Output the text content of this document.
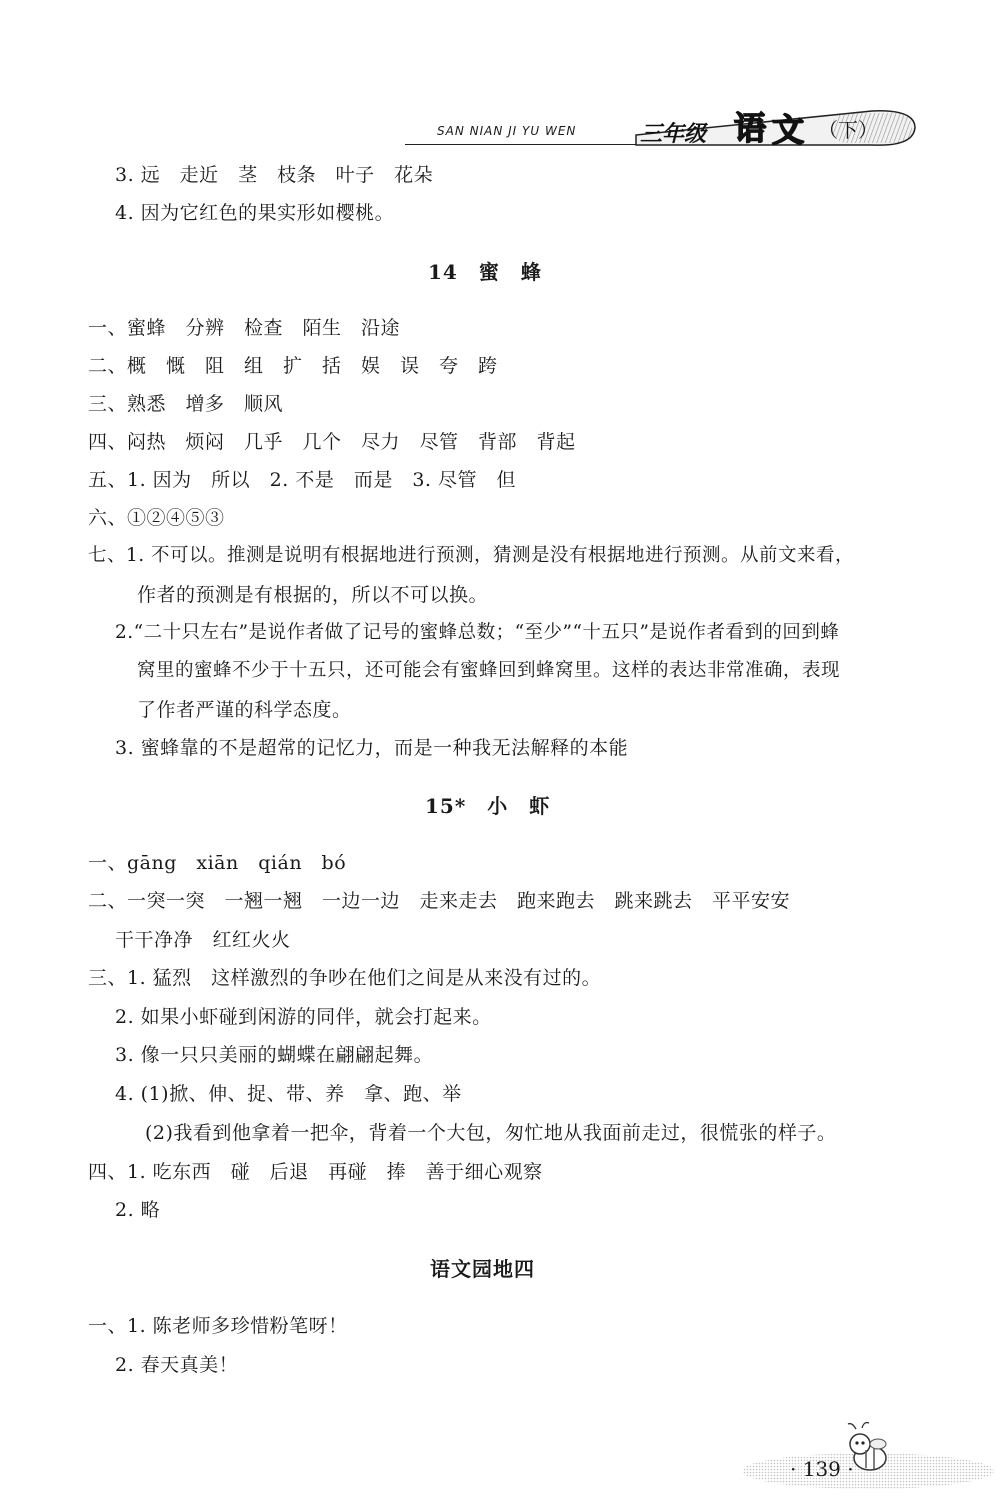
SAN NIAN JI YU WEN	三年级 语 文 （下）
3. 远　走近　茎　枝条　叶子　花朵
4. 因为它红色的果实形如樱桃。
14　蜜　蜂
一、蜜蜂　分辨　检查　陌生　沿途
二、概　慨　阻　组　扩　括　娱　误　夸　跨
三、熟悉　增多　顺风
四、闷热　烦闷　几乎　几个　尽力　尽管　背部　背起
五、1. 因为　所以　2. 不是　而是　3. 尽管　但
六、①②④⑤③
七、1. 不可以。推测是说明有根据地进行预测，猜测是没有根据地进行预测。从前文来看，
作者的预测是有根据的，所以不可以换。
2.“二十只左右”是说作者做了记号的蜜蜂总数；“至少”“十五只”是说作者看到的回到蜂
窝里的蜜蜂不少于十五只，还可能会有蜜蜂回到蜂窝里。这样的表达非常准确，表现
了作者严谨的科学态度。
3. 蜜蜂靠的不是超常的记忆力，而是一种我无法解释的本能
15*　小　虾
一、gāng　xiān　qián　bó
二、一突一突　一翘一翘　一边一边　走来走去　跑来跑去　跳来跳去　平平安安
干干净净　红红火火
三、1. 猛烈　这样激烈的争吵在他们之间是从来没有过的。
2. 如果小虾碰到闲游的同伴，就会打起来。
3. 像一只只美丽的蝴蝶在翩翩起舞。
4. (1)掀、伸、捉、带、养　拿、跑、举
(2)我看到他拿着一把伞，背着一个大包，匆忙地从我面前走过，很慌张的样子。
四、1. 吃东西　碰　后退　再碰　捧　善于细心观察
2. 略
语文园地四
一、1. 陈老师多珍惜粉笔呀！
2. 春天真美！
· 139 ·
